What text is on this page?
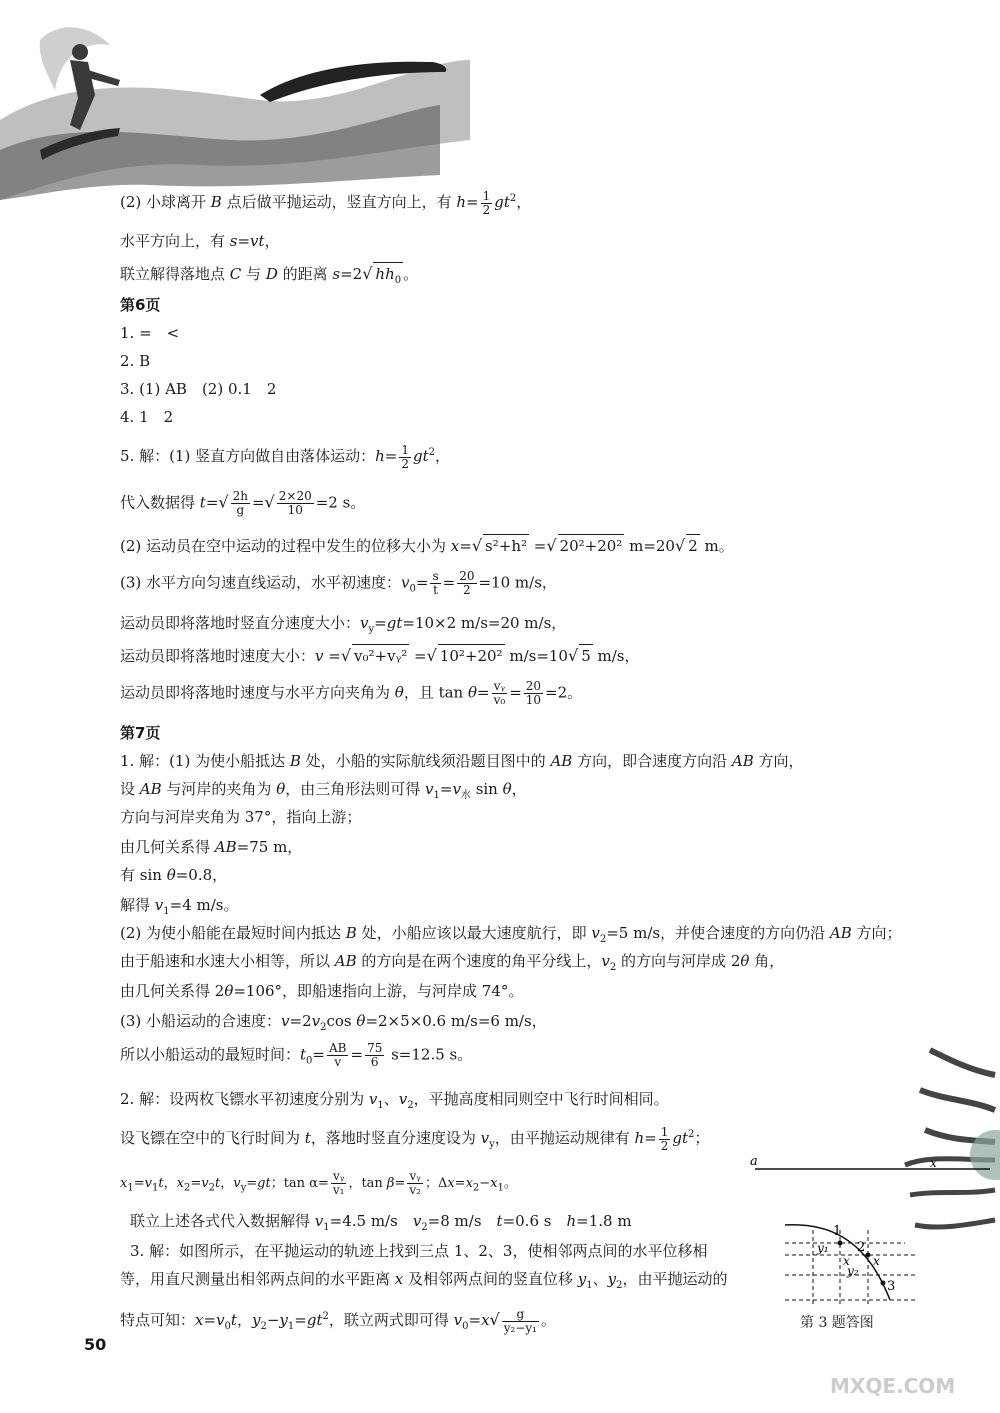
(2) 小球离开 B 点后做平抛运动，竖直方向上，有 $h= \frac{1}{2} gt^2$，
水平方向上，有 s=vt，
联立解得落地点 C 与 D 的距离 s=2√ $hh_0$ 。
第6页
1. =　<
2. B
3. (1) AB　(2) 0.1　2
4. 1　2
5. 解：(1) 竖直方向做自由落体运动：$h= \frac{1}{2} gt^2$，
代入数据得 $t=√ \frac{2h}{g}$ =√ $\frac{2\times 20}{10} =2$ s。
(2) 运动员在空中运动的过程中发生的位移大小为 x=√ s²+h² =√ 20²+20² m=20√ 2 m。
(3) 水平方向匀速直线运动，水平初速度：$v_0= \frac{s}{t} = \frac{20}{2} =10$ m/s，
运动员即将落地时竖直分速度大小：$v_y=gt=10\times 2$ m/s=20 m/s，
运动员即将落地时速度大小：v =√ v₀²+vᵧ² =√ 10²+20² m/s=10√ 5 m/s，
运动员即将落地时速度与水平方向夹角为 θ，且 $\tan \theta= \frac{\text{vᵧ}}{\text{v₀}} = \frac{20}{10} =2$。
第7页
1. 解：(1) 为使小船抵达 B 处，小船的实际航线须沿题目图中的 AB 方向，即合速度方向沿 AB 方向，
设 AB 与河岸的夹角为 θ，由三角形法则可得 $v_1=v_水$ sin θ，
方向与河岸夹角为 37°，指向上游；
由几何关系得 AB=75 m，
有 sin θ=0.8，
解得 $v_1=4$ m/s。
(2) 为使小船能在最短时间内抵达 B 处，小船应该以最大速度航行，即 $v_2=5$ m/s，并使合速度的方向仍沿 AB 方向；
由于船速和水速大小相等，所以 AB 的方向是在两个速度的角平分线上，$v_2$ 的方向与河岸成 2θ 角，
由几何关系得 2θ=106°，即船速指向上游，与河岸成 74°。
(3) 小船运动的合速度：$v=2v_2\cos$ θ=2×5×0.6 m/s=6 m/s，
所以小船运动的最短时间：$t_0= \frac{AB}{v} = \frac{75}{6} s=12.5$ s。
2. 解：设两枚飞镖水平初速度分别为 $v_1$、$v_2$，平抛高度相同则空中飞行时间相同。
设飞镖在空中的飞行时间为 t，落地时竖直分速度设为 $v_y$，由平抛运动规律有 $h= \frac{1}{2} gt^2$；
$x_1=v_1t$，$x_2=v_2t$，$v_y=gt$；$\tan \alpha= \frac{\text{vᵧ}}{\text{v₁}}$ ，$\tan \beta= \frac{\text{vᵧ}}{\text{v₂}}$ ；$\Delta x=x_2-x_1$。
联立上述各式代入数据解得 $v_1=4.5$ m/s　$v_2=8$ m/s　t=0.6 s　h=1.8 m
3. 解：如图所示，在平抛运动的轨迹上找到三点 1、2、3，使相邻两点间的水平位移相
等，用直尺测量出相邻两点间的水平距离 x 及相邻两点间的竖直位移 $y_1$、$y_2$，由平抛运动的
特点可知：$x=v_0t$，$y_2-y_1=gt^2$，联立两式即可得 $v_0=x√ \frac{g}{\text{y₂−y₁}}$ 。
a
1
2
3
y₁
y₂
x x
x
第 3 题答图
50
MXQE.COM
